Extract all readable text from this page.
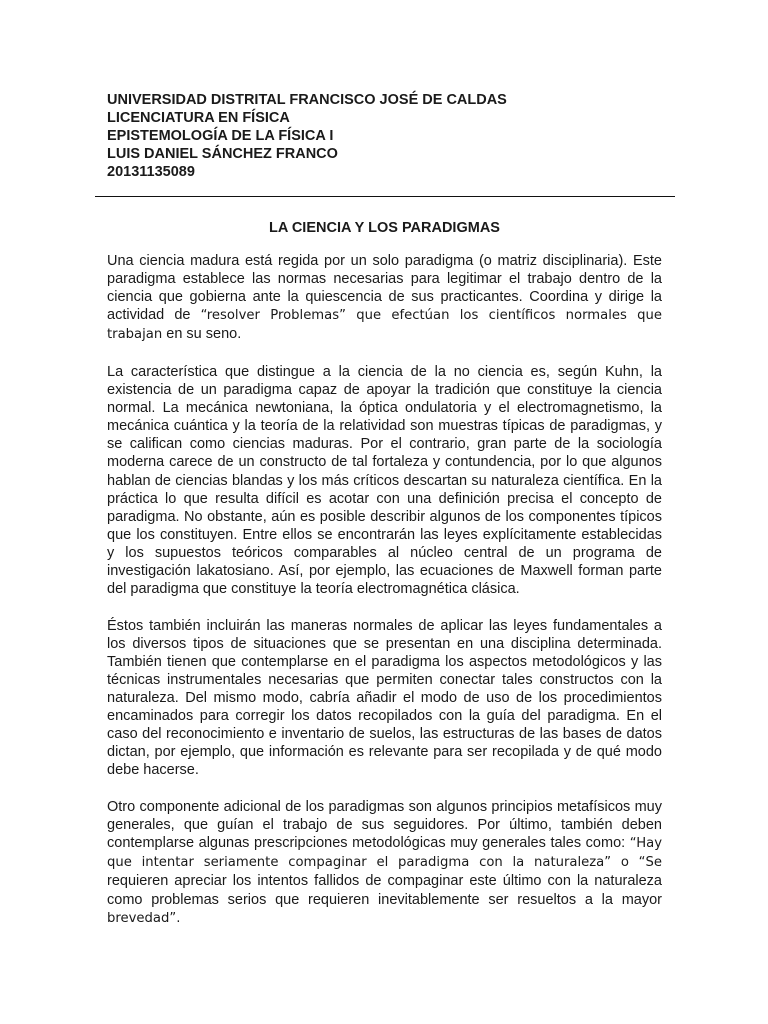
UNIVERSIDAD DISTRITAL FRANCISCO JOSÉ DE CALDAS
LICENCIATURA EN FÍSICA
EPISTEMOLOGÍA DE LA FÍSICA I
LUIS DANIEL SÁNCHEZ FRANCO
20131135089
LA CIENCIA Y LOS PARADIGMAS

Una ciencia madura está regida por un solo paradigma (o matriz disciplinaria). Este paradigma establece las normas necesarias para legitimar el trabajo dentro de la ciencia que gobierna ante la quiescencia de sus practicantes. Coordina y dirige la actividad de “resolver Problemas” que efectúan los científicos normales que trabajan en su seno.

La característica que distingue a la ciencia de la no ciencia es, según Kuhn, la existencia de un paradigma capaz de apoyar la tradición que constituye la ciencia normal. La mecánica newtoniana, la óptica ondulatoria y el electromagnetismo, la mecánica cuántica y la teoría de la relatividad son muestras típicas de paradigmas, y se califican como ciencias maduras. Por el contrario, gran parte de la sociología moderna carece de un constructo de tal fortaleza y contundencia, por lo que algunos hablan de ciencias blandas y los más críticos descartan su naturaleza científica. En la práctica lo que resulta difícil es acotar con una definición precisa el concepto de paradigma. No obstante, aún es posible describir algunos de los componentes típicos que los constituyen. Entre ellos se encontrarán las leyes explícitamente establecidas y los supuestos teóricos comparables al núcleo central de un programa de investigación lakatosiano. Así, por ejemplo, las ecuaciones de Maxwell forman parte del paradigma que constituye la teoría electromagnética clásica.

Éstos también incluirán las maneras normales de aplicar las leyes fundamentales a los diversos tipos de situaciones que se presentan en una disciplina determinada. También tienen que contemplarse en el paradigma los aspectos metodológicos y las técnicas instrumentales necesarias que permiten conectar tales constructos con la naturaleza. Del mismo modo, cabría añadir el modo de uso de los procedimientos encaminados para corregir los datos recopilados con la guía del paradigma. En el caso del reconocimiento e inventario de suelos, las estructuras de las bases de datos dictan, por ejemplo, que información es relevante para ser recopilada y de qué modo debe hacerse.

Otro componente adicional de los paradigmas son algunos principios metafísicos muy generales, que guían el trabajo de sus seguidores. Por último, también deben contemplarse algunas prescripciones metodológicas muy generales tales como: “Hay que intentar seriamente compaginar el paradigma con la naturaleza” o “Se requieren apreciar los intentos fallidos de compaginar este último con la naturaleza como problemas serios que requieren inevitablemente ser resueltos a la mayor brevedad”.
